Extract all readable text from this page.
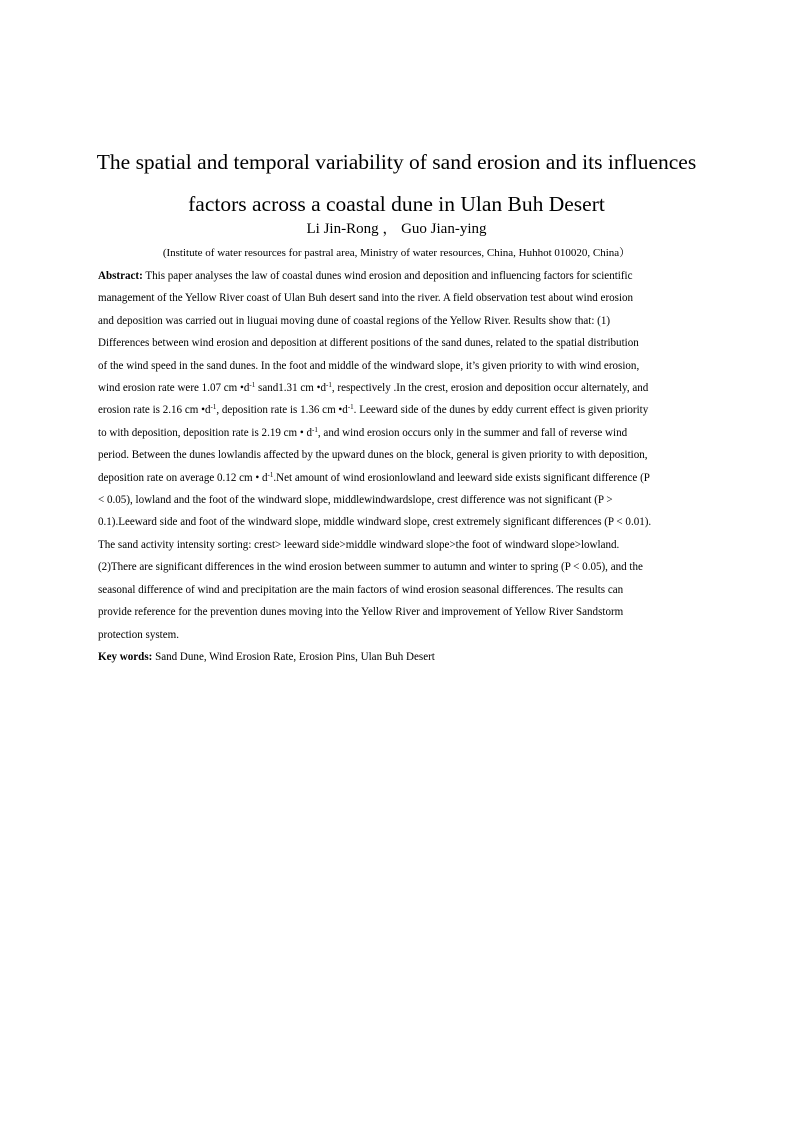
The spatial and temporal variability of sand erosion and its influences
factors across a coastal dune in Ulan Buh Desert
Li Jin-Rong ， Guo Jian-ying
(Institute of water resources for pastral area, Ministry of water resources, China, Huhhot 010020, China）

Abstract: This paper analyses the law of coastal dunes wind erosion and deposition and influencing factors for scientific
management of the Yellow River coast of Ulan Buh desert sand into the river. A field observation test about wind erosion
and deposition was carried out in liuguai moving dune of coastal regions of the Yellow River. Results show that: (1)
Differences between wind erosion and deposition at different positions of the sand dunes, related to the spatial distribution
of the wind speed in the sand dunes. In the foot and middle of the windward slope, it’s given priority to with wind erosion,
wind erosion rate were 1.07 cm $•d^{-1}$ sand1.31 cm $•d^{-1}$, respectively .In the crest, erosion and deposition occur alternately, and
erosion rate is 2.16 cm $•d^{-1}$, deposition rate is 1.36 cm $•d^{-1}$. Leeward side of the dunes by eddy current effect is given priority
to with deposition, deposition rate is 2.19 cm • $d^{-1}$, and wind erosion occurs only in the summer and fall of reverse wind
period. Between the dunes lowlandis affected by the upward dunes on the block, general is given priority to with deposition,
deposition rate on average 0.12 cm • $d^{-1}.Net$ amount of wind erosionlowland and leeward side exists significant difference (P
< 0.05), lowland and the foot of the windward slope, middlewindwardslope, crest difference was not significant (P >
0.1).Leeward side and foot of the windward slope, middle windward slope, crest extremely significant differences (P < 0.01).
The sand activity intensity sorting: crest> leeward side>middle windward slope>the foot of windward slope>lowland.
(2)There are significant differences in the wind erosion between summer to autumn and winter to spring (P < 0.05), and the
seasonal difference of wind and precipitation are the main factors of wind erosion seasonal differences. The results can
provide reference for the prevention dunes moving into the Yellow River and improvement of Yellow River Sandstorm
protection system.

Key words: Sand Dune, Wind Erosion Rate, Erosion Pins, Ulan Buh Desert
